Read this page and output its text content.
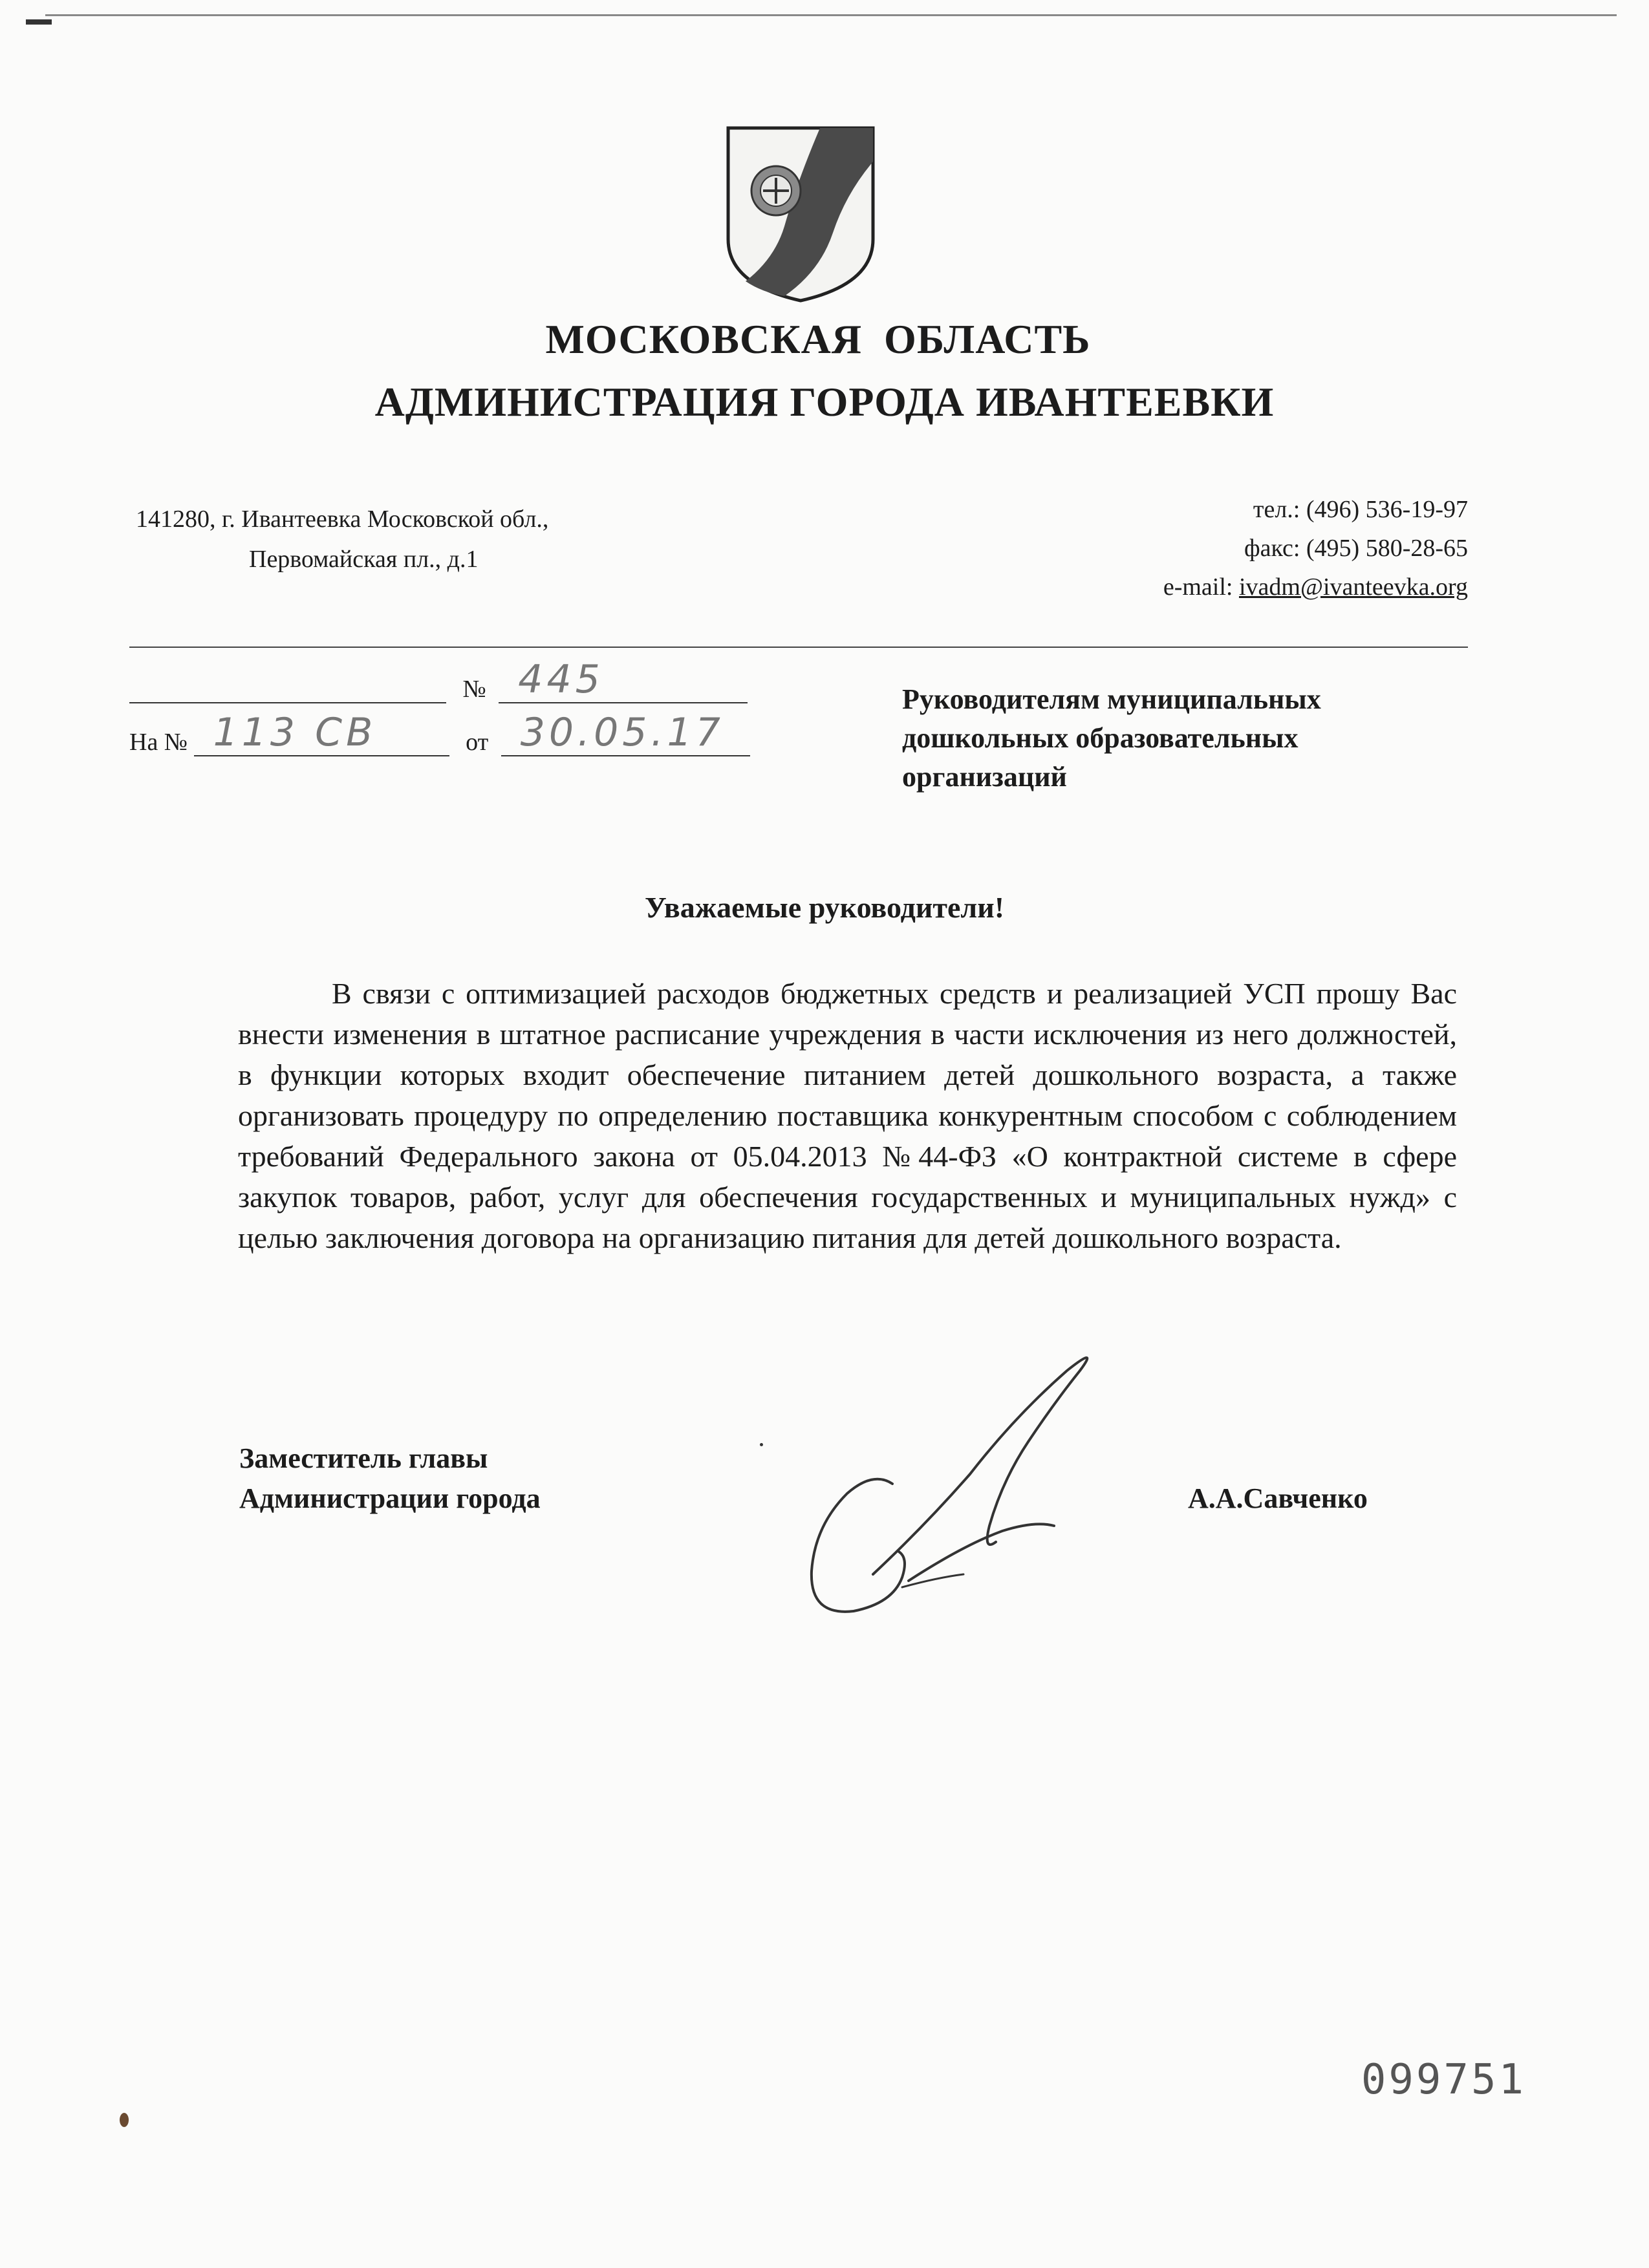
МОСКОВСКАЯ  ОБЛАСТЬ
АДМИНИСТРАЦИЯ ГОРОДА ИВАНТЕЕВКИ
141280, г. Ивантеевка Московской обл.,
Первомайская пл., д.1
тел.: (496) 536-19-97
факс: (495) 580-28-65
e-mail: ivadm@ivanteevka.org
№ 445
На № 113 СВ	от 30.05.17
Руководителям муниципальных
дошкольных образовательных
организаций
Уважаемые руководители!
В связи с оптимизацией расходов бюджетных средств и реализацией УСП прошу Вас внести изменения в штатное расписание учреждения в части исключения из него должностей, в функции которых входит обеспечение питанием детей дошкольного возраста, а также организовать процедуру по определению поставщика конкурентным способом с соблюдением требований Федерального закона от 05.04.2013 №44-ФЗ «О контрактной системе в сфере закупок товаров, работ, услуг для обеспечения государственных и муниципальных нужд» с целью заключения договора на организацию питания для детей дошкольного возраста.
Заместитель главы
Администрации города	А.А.Савченко
099751
